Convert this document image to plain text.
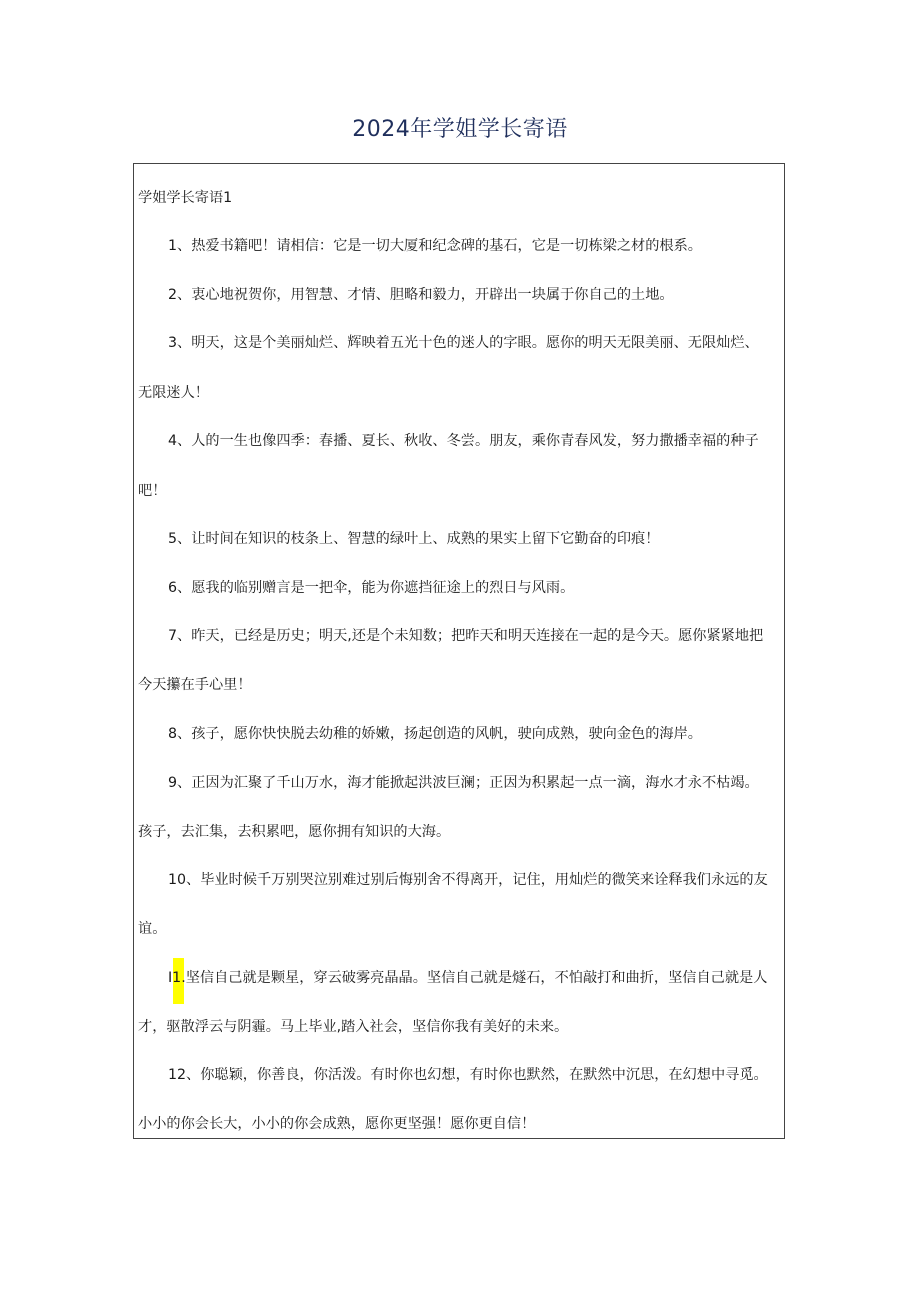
2024年学姐学长寄语
学姐学长寄语1
1、热爱书籍吧！请相信：它是一切大厦和纪念碑的基石，它是一切栋梁之材的根系。
2、衷心地祝贺你，用智慧、才情、胆略和毅力，开辟出一块属于你自己的土地。
3、明天，这是个美丽灿烂、辉映着五光十色的迷人的字眼。愿你的明天无限美丽、无限灿烂、
无限迷人！
4、人的一生也像四季：春播、夏长、秋收、冬尝。朋友，乘你青春风发，努力撒播幸福的种子
吧！
5、让时间在知识的枝条上、智慧的绿叶上、成熟的果实上留下它勤奋的印痕！
6、愿我的临别赠言是一把伞，能为你遮挡征途上的烈日与风雨。
7、昨天，已经是历史；明天,还是个未知数；把昨天和明天连接在一起的是今天。愿你紧紧地把
今天攥在手心里！
8、孩子，愿你快快脱去幼稚的娇嫩，扬起创造的风帆，驶向成熟，驶向金色的海岸。
9、正因为汇聚了千山万水，海才能掀起洪波巨澜；正因为积累起一点一滴，海水才永不枯竭。
孩子，去汇集，去积累吧，愿你拥有知识的大海。
10、毕业时候千万别哭泣别难过别后悔别舍不得离开，记住，用灿烂的微笑来诠释我们永远的友
谊。
I1.坚信自己就是颗星，穿云破雾亮晶晶。坚信自己就是燧石，不怕敲打和曲折，坚信自己就是人
才，驱散浮云与阴霾。马上毕业,踏入社会，坚信你我有美好的未来。
12、你聪颖，你善良，你活泼。有时你也幻想，有时你也默然，在默然中沉思，在幻想中寻觅。
小小的你会长大，小小的你会成熟，愿你更坚强！愿你更自信！
